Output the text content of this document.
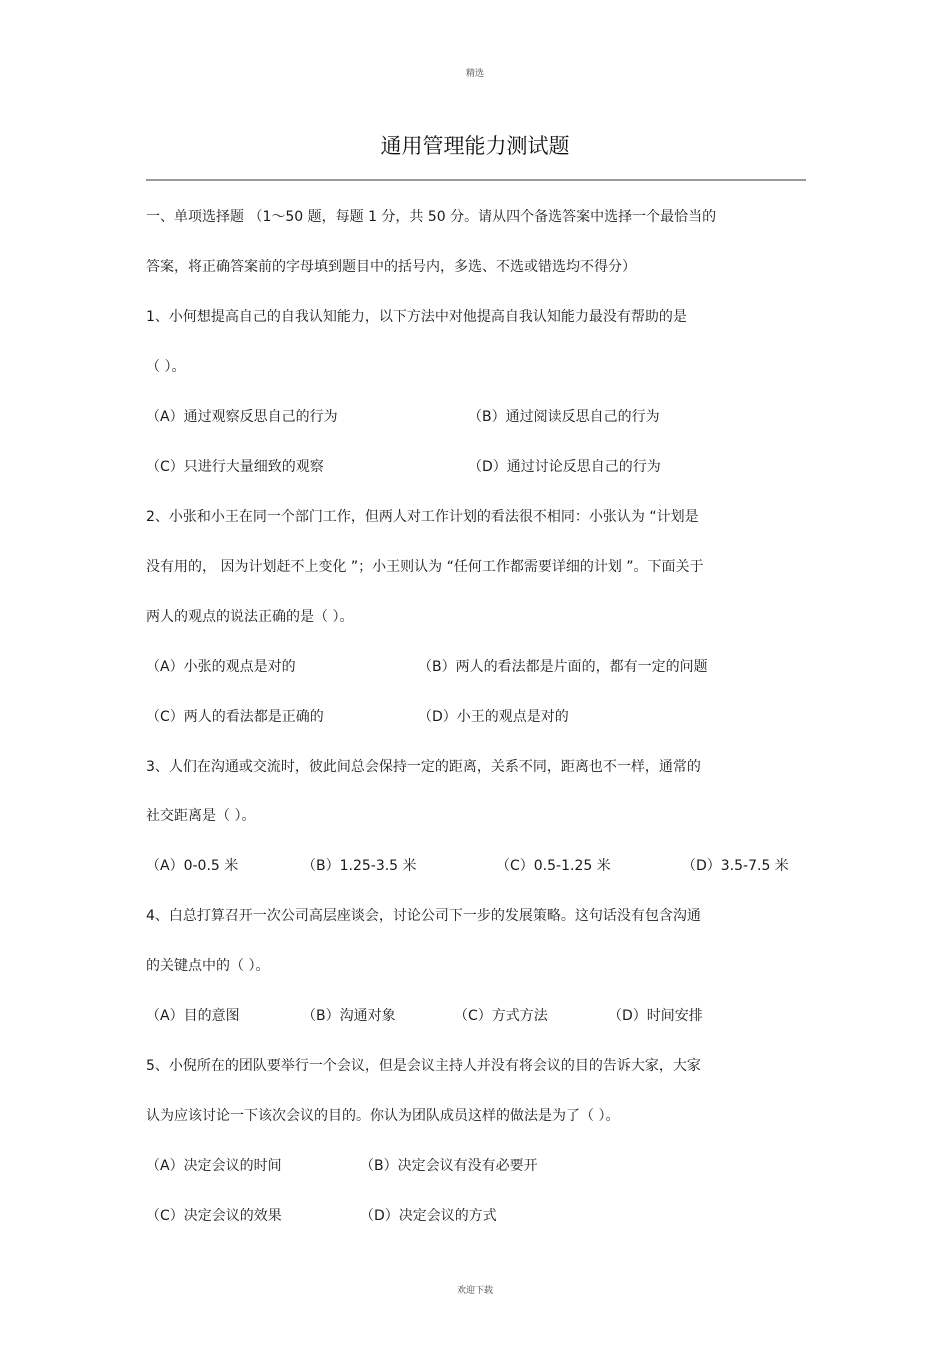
精选
通用管理能力测试题
一、单项选择题 （1～50 题，每题 1 分，共 50 分。请从四个备选答案中选择一个最恰当的
答案，将正确答案前的字母填到题目中的括号内，多选、不选或错选均不得分）
1、小何想提高自己的自我认知能力，以下方法中对他提高自我认知能力最没有帮助的是
（ ）。
（A）通过观察反思自己的行为	（B）通过阅读反思自己的行为
（C）只进行大量细致的观察	（D）通过讨论反思自己的行为
2、小张和小王在同一个部门工作，但两人对工作计划的看法很不相同：小张认为 “计划是
没有用的， 因为计划赶不上变化 ”；小王则认为 “任何工作都需要详细的计划 ”。下面关于
两人的观点的说法正确的是（ ）。
（A）小张的观点是对的	（B）两人的看法都是片面的，都有一定的问题
（C）两人的看法都是正确的	（D）小王的观点是对的
3、人们在沟通或交流时，彼此间总会保持一定的距离，关系不同，距离也不一样，通常的
社交距离是（ ）。
（A）0-0.5 米	（B）1.25-3.5 米	（C）0.5-1.25 米	（D）3.5-7.5 米
4、白总打算召开一次公司高层座谈会，讨论公司下一步的发展策略。这句话没有包含沟通
的关键点中的（ ）。
（A）目的意图	（B）沟通对象	（C）方式方法	（D）时间安排
5、小倪所在的团队要举行一个会议，但是会议主持人并没有将会议的目的告诉大家，大家
认为应该讨论一下该次会议的目的。你认为团队成员这样的做法是为了（ ）。
（A）决定会议的时间	（B）决定会议有没有必要开
（C）决定会议的效果	（D）决定会议的方式
欢迎下载
